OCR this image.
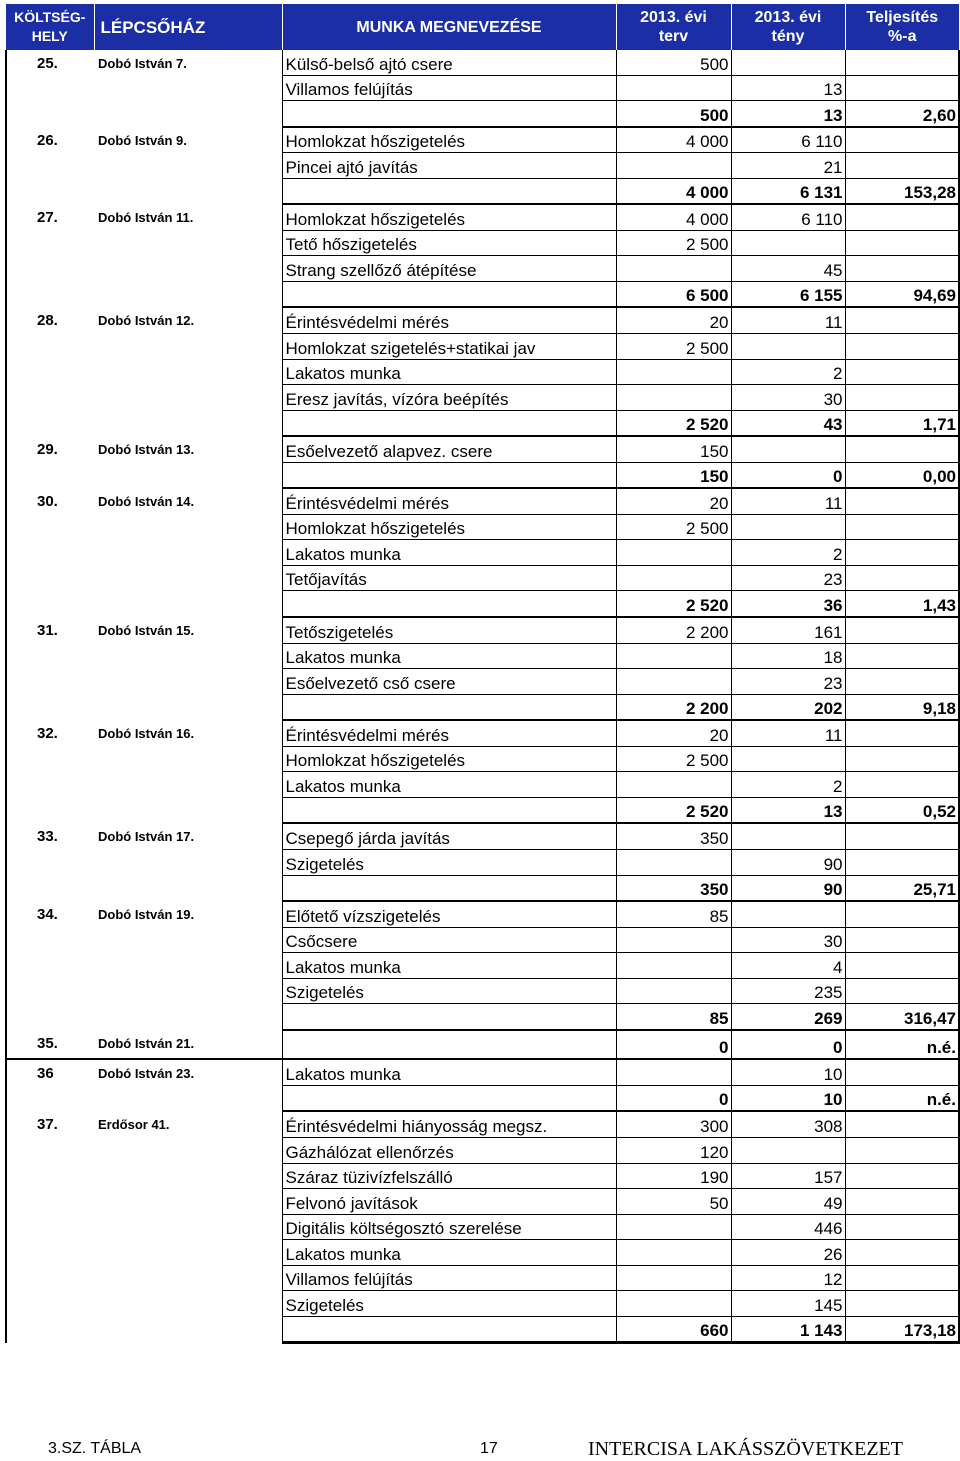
KÖLTSÉG-
HELY	LÉPCSŐHÁZ	MUNKA MEGNEVEZÉSE	2013. évi
terv	2013. évi
tény	Teljesítés
%-a
25.	Dobó István 7.	Külső-belső ajtó csere	500		
		Villamos felújítás		13	
			500	13	2,60
26.	Dobó István 9.	Homlokzat hőszigetelés	4 000	6 110	
		Pincei ajtó javítás		21	
			4 000	6 131	153,28
27.	Dobó István 11.	Homlokzat hőszigetelés	4 000	6 110	
		Tető hőszigetelés	2 500		
		Strang szellőző átépítése		45	
			6 500	6 155	94,69
28.	Dobó István 12.	Érintésvédelmi mérés	20	11	
		Homlokzat szigetelés+statikai jav	2 500		
		Lakatos munka		2	
		Eresz javítás, vízóra beépítés		30	
			2 520	43	1,71
29.	Dobó István 13.	Esőelvezető alapvez. csere	150		
			150	0	0,00
30.	Dobó István 14.	Érintésvédelmi mérés	20	11	
		Homlokzat hőszigetelés	2 500		
		Lakatos munka		2	
		Tetőjavítás		23	
			2 520	36	1,43
31.	Dobó István 15.	Tetőszigetelés	2 200	161	
		Lakatos munka		18	
		Esőelvezető cső csere		23	
			2 200	202	9,18
32.	Dobó István 16.	Érintésvédelmi mérés	20	11	
		Homlokzat hőszigetelés	2 500		
		Lakatos munka		2	
			2 520	13	0,52
33.	Dobó István 17.	Csepegő járda javítás	350		
		Szigetelés		90	
			350	90	25,71
34.	Dobó István 19.	Előtető vízszigetelés	85		
		Csőcsere		30	
		Lakatos munka		4	
		Szigetelés		235	
			85	269	316,47
35.	Dobó István 21.		0	0	n.é.
36	Dobó István 23.	Lakatos munka		10	
			0	10	n.é.
37.	Erdősor 41.	Érintésvédelmi hiányosság megsz.	300	308	
		Gázhálózat ellenőrzés	120		
		Száraz tüzivízfelszálló	190	157	
		Felvonó javítások	50	49	
		Digitális költségosztó szerelése		446	
		Lakatos munka		26	
		Villamos felújítás		12	
		Szigetelés		145	
			660	1 143	173,18
3.SZ. TÁBLA	17	INTERCISA LAKÁSSZÖVETKEZET
